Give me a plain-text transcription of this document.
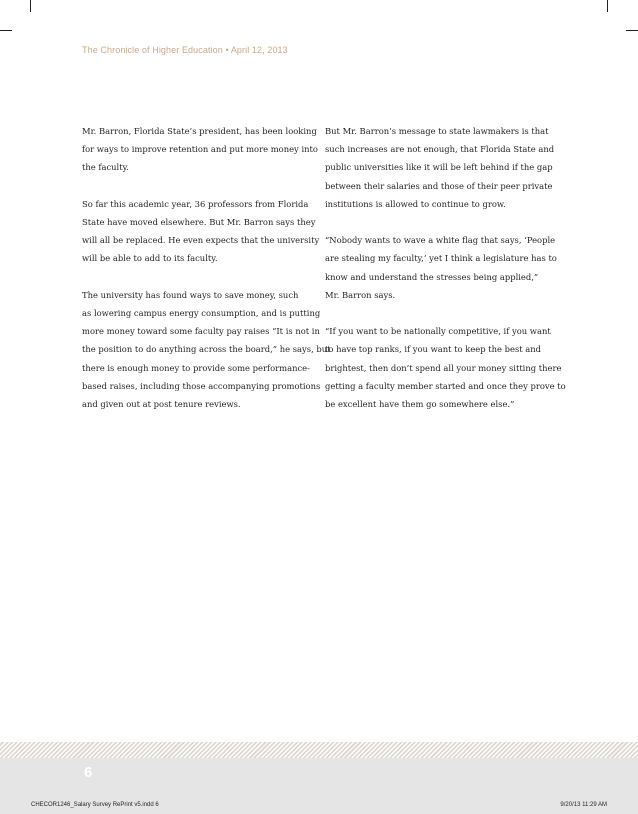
The Chronicle of Higher Education • April 12, 2013

Mr. Barron, Florida State’s president, has been looking
for ways to improve retention and put more money into
the faculty.

So far this academic year, 36 professors from Florida
State have moved elsewhere. But Mr. Barron says they
will all be replaced. He even expects that the university
will be able to add to its faculty.

The university has found ways to save money, such
as lowering campus energy consumption, and is putting
more money toward some faculty pay raises “It is not in
the position to do anything across the board,” he says, but
there is enough money to provide some performance-
based raises, including those accompanying promotions
and given out at post tenure reviews.

But Mr. Barron’s message to state lawmakers is that
such increases are not enough, that Florida State and
public universities like it will be left behind if the gap
between their salaries and those of their peer private
institutions is allowed to continue to grow.

“Nobody wants to wave a white flag that says, ‘People
are stealing my faculty,’ yet I think a legislature has to
know and understand the stresses being applied,”
Mr. Barron says.

“If you want to be nationally competitive, if you want
to have top ranks, if you want to keep the best and
brightest, then don’t spend all your money sitting there
getting a faculty member started and once they prove to
be excellent have them go somewhere else.”

6
CHECOR1246_Salary Survey RePrint v5.indd 6	9/20/13 11:29 AM
